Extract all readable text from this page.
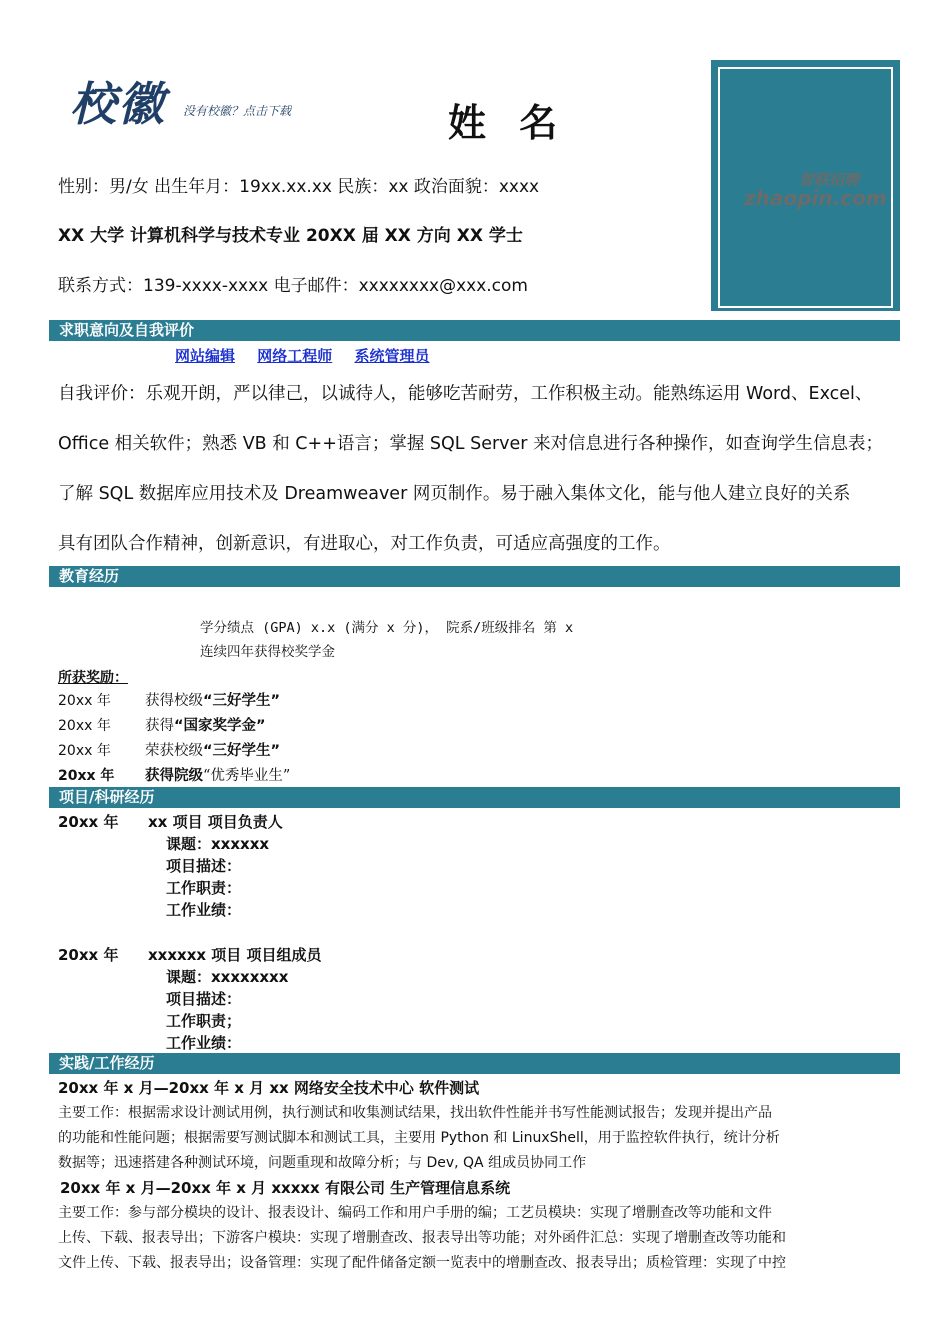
校徽 没有校徽？点击下载	姓 名
性别：男/女 出生年月：19xx.xx.xx 民族：xx 政治面貌：xxxx
XX 大学 计算机科学与技术专业 20XX 届 XX 方向 XX 学士
联系方式：139-xxxx-xxxx 电子邮件：xxxxxxxx@xxx.com
智联招聘
zhaopin.com
求职意向及自我评价
网站编辑 网络工程师 系统管理员
自我评价：乐观开朗，严以律己，以诚待人，能够吃苦耐劳，工作积极主动。能熟练运用 Word、Excel、
Office 相关软件；熟悉 VB 和 C++语言；掌握 SQL Server 来对信息进行各种操作，如查询学生信息表；
了解 SQL 数据库应用技术及 Dreamweaver 网页制作。易于融入集体文化，能与他人建立良好的关系
具有团队合作精神，创新意识，有进取心，对工作负责，可适应高强度的工作。
教育经历
学分绩点 (GPA) x.x (满分 x 分)， 院系/班级排名 第 x
连续四年获得校奖学金
所获奖励：
20xx 年 获得校级“三好学生”
20xx 年 获得“国家奖学金”
20xx 年 荣获校级“三好学生”
20xx 年 获得院级“优秀毕业生”
项目/科研经历
20xx 年 xx 项目 项目负责人
课题：xxxxxx
项目描述：
工作职责：
工作业绩：
20xx 年 xxxxxx 项目 项目组成员
课题：xxxxxxxx
项目描述：
工作职责；
工作业绩：
实践/工作经历
20xx 年 x 月—20xx 年 x 月 xx 网络安全技术中心 软件测试
主要工作：根据需求设计测试用例，执行测试和收集测试结果，找出软件性能并书写性能测试报告；发现并提出产品
的功能和性能问题；根据需要写测试脚本和测试工具，主要用 Python 和 LinuxShell，用于监控软件执行，统计分析
数据等；迅速搭建各种测试环境，问题重现和故障分析；与 Dev, QA 组成员协同工作
20xx 年 x 月—20xx 年 x 月 xxxxx 有限公司 生产管理信息系统
主要工作：参与部分模块的设计、报表设计、编码工作和用户手册的编；工艺员模块：实现了增删查改等功能和文件
上传、下载、报表导出；下游客户模块：实现了增删查改、报表导出等功能；对外函件汇总：实现了增删查改等功能和
文件上传、下载、报表导出；设备管理：实现了配件储备定额一览表中的增删查改、报表导出；质检管理：实现了中控
